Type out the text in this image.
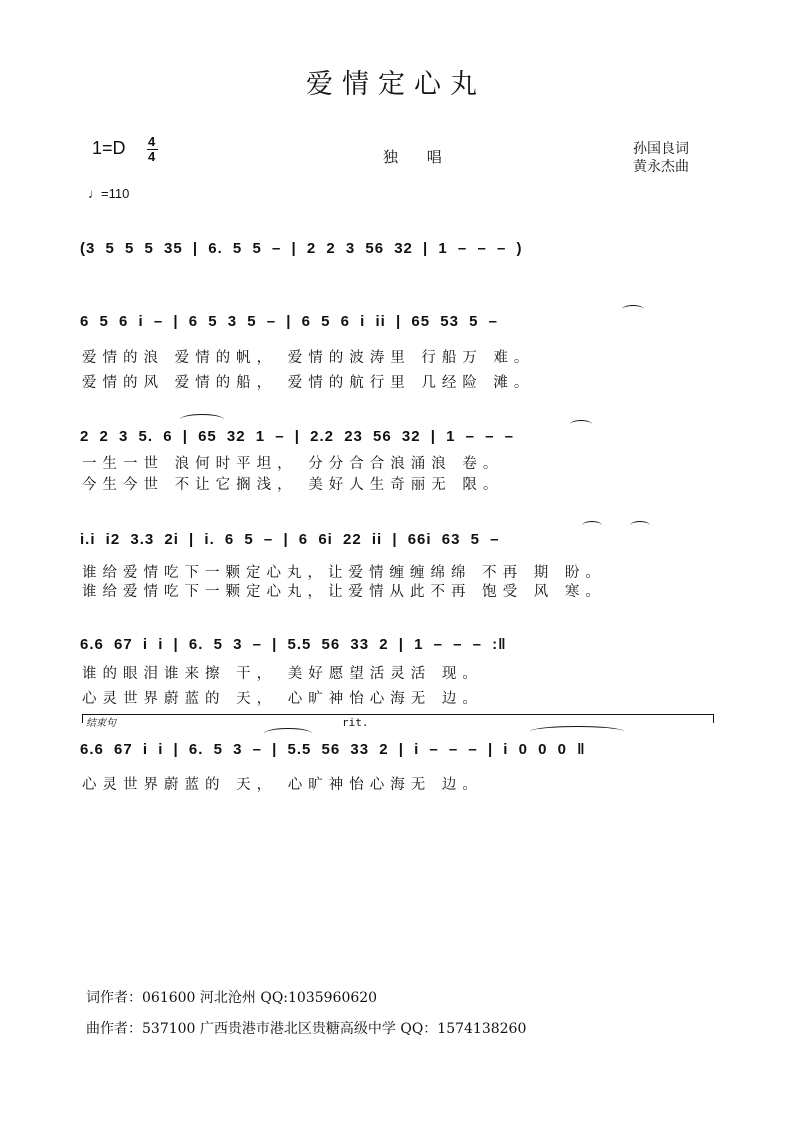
爱情定心丸
1=D 4
4	独 唱	孙国良词
黄永杰曲
♩=110
(3 5 5 5 35 | 6. 5 5 – | 2 2 3 56 32 | 1 – – – )
6 5 6 i – | 6 5 3 5 – | 6 5 6 i ii | 65 53 5 –
爱情的浪 爱情的帆， 爱情的波涛里 行船万 难。
爱情的风 爱情的船， 爱情的航行里 几经险 滩。
2 2 3 5. 6 | 65 32 1 – | 2.2 23 56 32 | 1 – – –
一生一世 浪何时平坦， 分分合合浪涌浪 卷。
今生今世 不让它搁浅， 美好人生奇丽无 限。
i.i i2 3.3 2i | i. 6 5 – | 6 6i 22 ii | 66i 63 5 –
谁给爱情吃下一颗定心丸，让爱情缠缠绵绵 不再 期 盼。
谁给爱情吃下一颗定心丸，让爱情从此不再 饱受 风 寒。
6.6 67 i i | 6. 5 3 – | 5.5 56 33 2 | 1 – – – :‖
谁的眼泪谁来擦 干， 美好愿望活灵活 现。
心灵世界蔚蓝的 天， 心旷神怡心海无 边。
结束句	rit.
6.6 67 i i | 6. 5 3 – | 5.5 56 33 2 | i – – – | i 0 0 0 ‖
心灵世界蔚蓝的 天， 心旷神怡心海无 边。
词作者：061600 河北沧州 QQ:1035960620
曲作者：537100 广西贵港市港北区贵糖高级中学 QQ：1574138260
